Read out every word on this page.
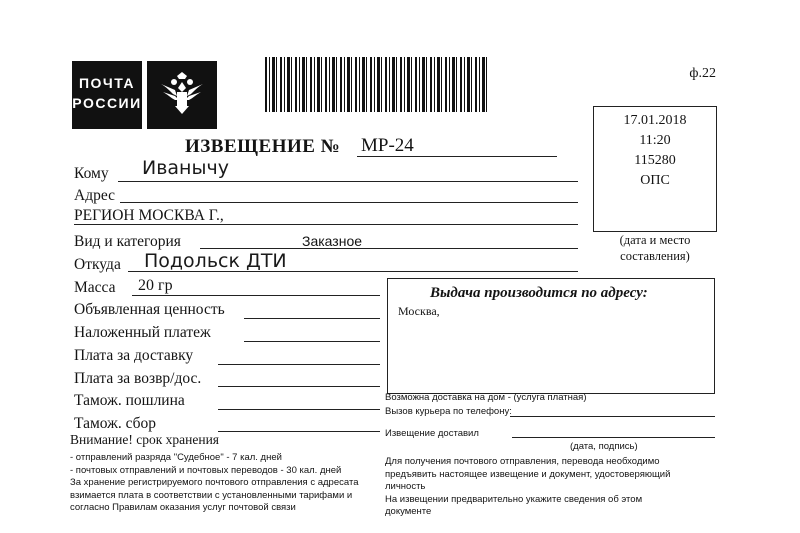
ПОЧТА
РОССИИ
ф.22
17.01.2018
11:20
115280
ОПС
(дата и место
составления)
ИЗВЕЩЕНИЕ № МР-24
Кому Иванычу
Адрес
РЕГИОН МОСКВА Г.,
Вид и категория	Заказное
Откуда Подольск ДТИ
Масса 20 гр
Объявленная ценность
Наложенный платеж
Плата за доставку
Плата за возвр/дос.
Тамож. пошлина
Тамож. сбор
Внимание! срок хранения
Выдача производится по адресу:
Москва,
Возможна доставка на дом - (услуга платная)
Вызов курьера по телефону:
Извещение доставил
(дата, подпись)
- отправлений разряда "Судебное" - 7 кал. дней
- почтовых отправлений и почтовых переводов - 30 кал. дней
За хранение регистрируемого почтового отправления с адресата
взимается плата в соответствии с установленными тарифами и
согласно Правилам оказания услуг почтовой связи
Для получения почтового отправления, перевода необходимо
предъявить настоящее извещение и документ, удостоверяющий
личность
На извещении предварительно укажите сведения об этом
документе
